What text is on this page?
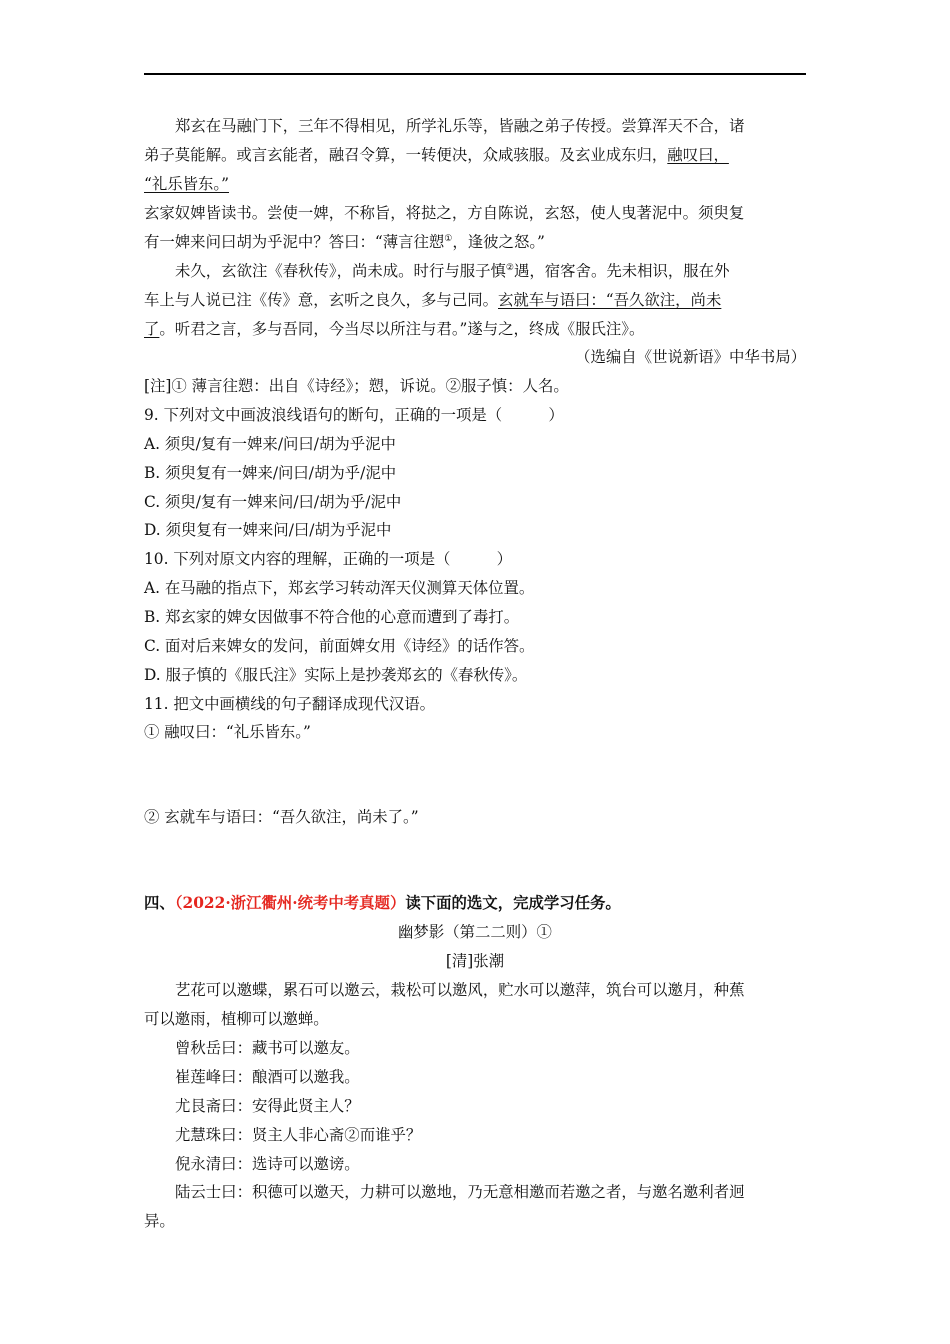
郑玄在马融门下，三年不得相见，所学礼乐等，皆融之弟子传授。尝算浑天不合，诸
弟子莫能解。或言玄能者，融召令算，一转便决，众咸骇服。及玄业成东归，融叹曰，
“礼乐皆东。”
玄家奴婢皆读书。尝使一婢，不称旨，将挞之，方自陈说，玄怒，使人曳著泥中。须臾复
有一婢来问曰胡为乎泥中？答曰：“薄言往愬①，逢彼之怒。”
未久，玄欲注《春秋传》，尚未成。时行与服子慎②遇，宿客舍。先未相识，服在外
车上与人说已注《传》意，玄听之良久，多与己同。玄就车与语曰：“吾久欲注，尚未
了。听君之言，多与吾同，今当尽以所注与君。”遂与之，终成《服氏注》。
（选编自《世说新语》中华书局）
[注]① 薄言往愬：出自《诗经》；愬，诉说。②服子慎：人名。
9. 下列对文中画波浪线语句的断句，正确的一项是（　　　）
A. 须臾/复有一婢来/问曰/胡为乎泥中
B. 须臾复有一婢来/问曰/胡为乎/泥中
C. 须臾/复有一婢来问/曰/胡为乎/泥中
D. 须臾复有一婢来问/曰/胡为乎泥中
10. 下列对原文内容的理解，正确的一项是（　　　）
A. 在马融的指点下，郑玄学习转动浑天仪测算天体位置。
B. 郑玄家的婢女因做事不符合他的心意而遭到了毒打。
C. 面对后来婢女的发问，前面婢女用《诗经》的话作答。
D. 服子慎的《服氏注》实际上是抄袭郑玄的《春秋传》。
11. 把文中画横线的句子翻译成现代汉语。
① 融叹曰：“礼乐皆东。”
② 玄就车与语曰：“吾久欲注，尚未了。”
四、（2022·浙江衢州·统考中考真题）读下面的选文，完成学习任务。
幽梦影（第二二则）①
[清]张潮
艺花可以邀蝶，累石可以邀云，栽松可以邀风，贮水可以邀萍，筑台可以邀月，种蕉
可以邀雨，植柳可以邀蝉。
曾秋岳曰：藏书可以邀友。
崔莲峰曰：酿酒可以邀我。
尤艮斋曰：安得此贤主人？
尤慧珠曰：贤主人非心斋②而谁乎？
倪永清曰：选诗可以邀谤。
陆云士曰：积德可以邀天，力耕可以邀地，乃无意相邀而若邀之者，与邀名邀利者迥
异。
